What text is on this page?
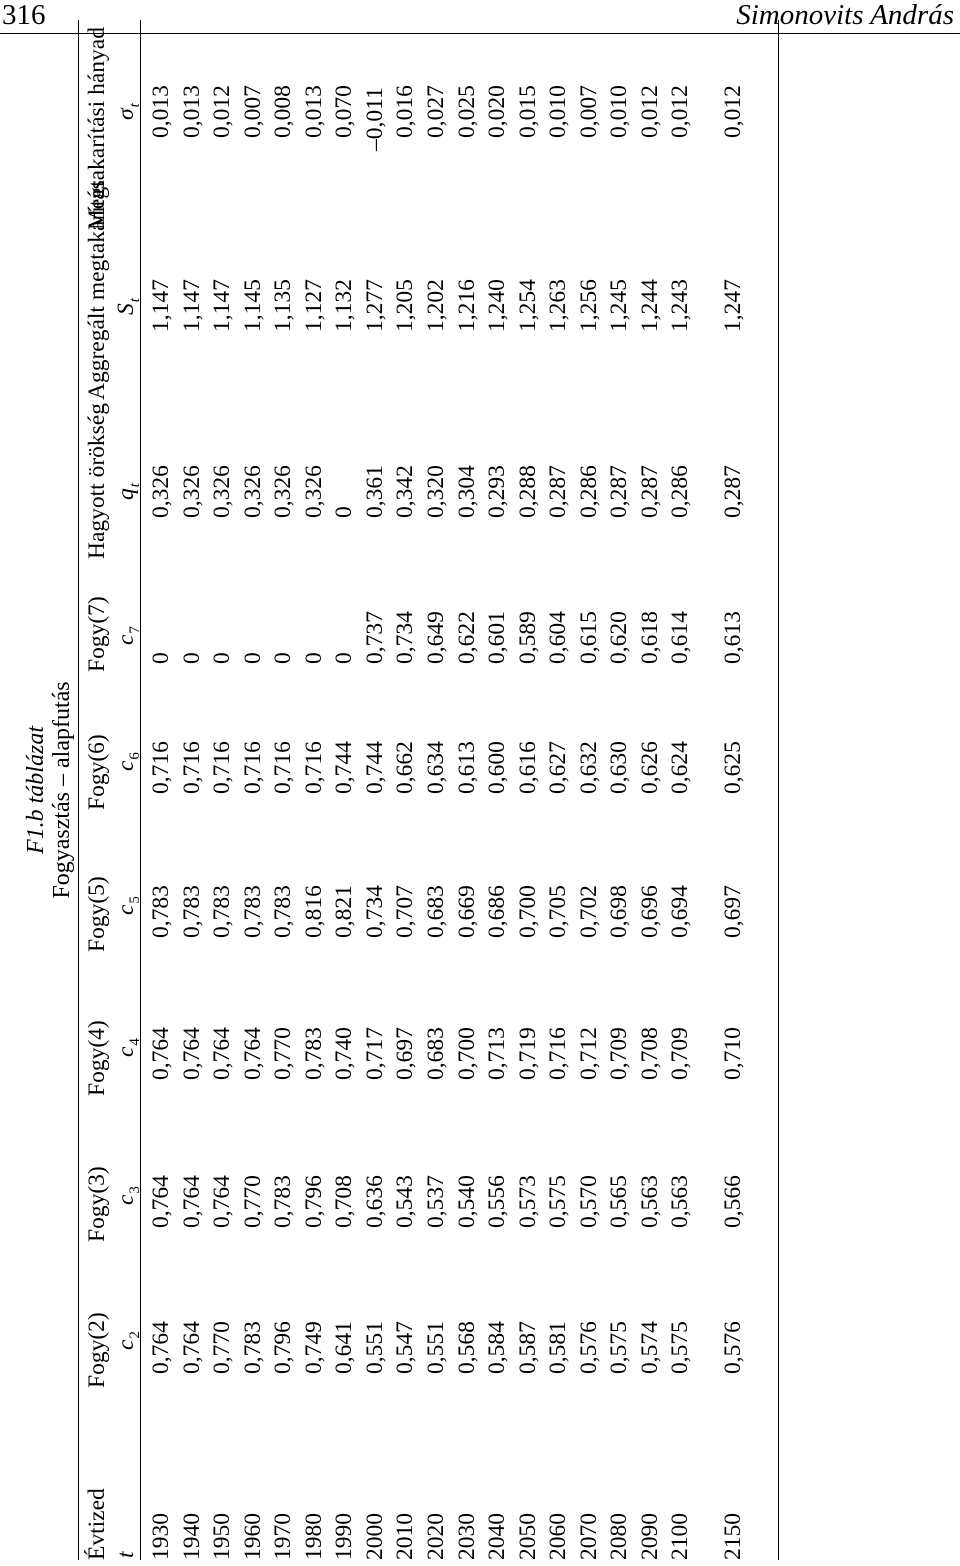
316	Simonovits András
F1.b táblázat Fogyasztás – alapfutás
Évtized
Fogy(2)
Fogy(3)
Fogy(4)
Fogy(5)
Fogy(6)
Fogy(7)
Hagyott örökség
Aggregált megtakarítás
Megtakarítási hányad
t
$c_2$
$c_3$
$c_4$
$c_5$
$c_6$
$c_7$
$q_t$
$S_t$
$\sigma_t$
1930
0,764
0,764
0,764
0,783
0,716
0
0,326
1,147
0,013
1940
0,764
0,764
0,764
0,783
0,716
0
0,326
1,147
0,013
1950
0,770
0,764
0,764
0,783
0,716
0
0,326
1,147
0,012
1960
0,783
0,770
0,764
0,783
0,716
0
0,326
1,145
0,007
1970
0,796
0,783
0,770
0,783
0,716
0
0,326
1,135
0,008
1980
0,749
0,796
0,783
0,816
0,716
0
0,326
1,127
0,013
1990
0,641
0,708
0,740
0,821
0,744
0
0
1,132
0,070
2000
0,551
0,636
0,717
0,734
0,744
0,737
0,361
1,277
–0,011
2010
0,547
0,543
0,697
0,707
0,662
0,734
0,342
1,205
0,016
2020
0,551
0,537
0,683
0,683
0,634
0,649
0,320
1,202
0,027
2030
0,568
0,540
0,700
0,669
0,613
0,622
0,304
1,216
0,025
2040
0,584
0,556
0,713
0,686
0,600
0,601
0,293
1,240
0,020
2050
0,587
0,573
0,719
0,700
0,616
0,589
0,288
1,254
0,015
2060
0,581
0,575
0,716
0,705
0,627
0,604
0,287
1,263
0,010
2070
0,576
0,570
0,712
0,702
0,632
0,615
0,286
1,256
0,007
2080
0,575
0,565
0,709
0,698
0,630
0,620
0,287
1,245
0,010
2090
0,574
0,563
0,708
0,696
0,626
0,618
0,287
1,244
0,012
2100
0,575
0,563
0,709
0,694
0,624
0,614
0,286
1,243
0,012
2150
0,576
0,566
0,710
0,697
0,625
0,613
0,287
1,247
0,012
